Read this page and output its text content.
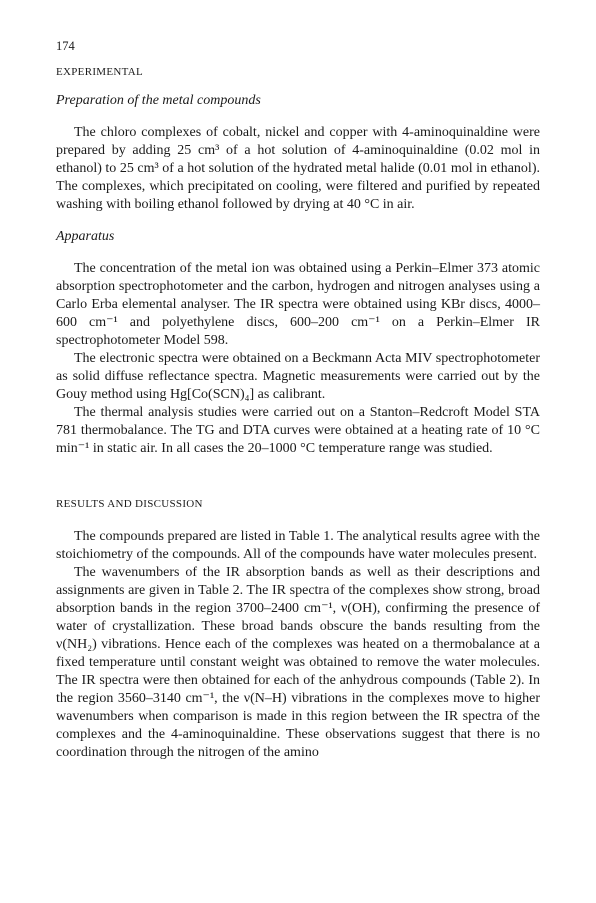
174
EXPERIMENTAL
Preparation of the metal compounds

The chloro complexes of cobalt, nickel and copper with 4-aminoquinaldine were prepared by adding 25 cm³ of a hot solution of 4-aminoquinaldine (0.02 mol in ethanol) to 25 cm³ of a hot solution of the hydrated metal halide (0.01 mol in ethanol). The complexes, which precipitated on cooling, were filtered and purified by repeated washing with boiling ethanol followed by drying at 40 °C in air.

Apparatus

The concentration of the metal ion was obtained using a Perkin–Elmer 373 atomic absorption spectrophotometer and the carbon, hydrogen and nitrogen analyses using a Carlo Erba elemental analyser. The IR spectra were obtained using KBr discs, 4000–600 cm⁻¹ and polyethylene discs, 600–200 cm⁻¹ on a Perkin–Elmer IR spectrophotometer Model 598.

The electronic spectra were obtained on a Beckmann Acta MIV spectrophotometer as solid diffuse reflectance spectra. Magnetic measurements were carried out by the Gouy method using Hg[Co(SCN)₄] as calibrant.

The thermal analysis studies were carried out on a Stanton–Redcroft Model STA 781 thermobalance. The TG and DTA curves were obtained at a heating rate of 10 °C min⁻¹ in static air. In all cases the 20–1000 °C temperature range was studied.

RESULTS AND DISCUSSION

The compounds prepared are listed in Table 1. The analytical results agree with the stoichiometry of the compounds. All of the compounds have water molecules present.

The wavenumbers of the IR absorption bands as well as their descriptions and assignments are given in Table 2. The IR spectra of the complexes show strong, broad absorption bands in the region 3700–2400 cm⁻¹, ν(OH), confirming the presence of water of crystallization. These broad bands obscure the bands resulting from the ν(NH₂) vibrations. Hence each of the complexes was heated on a thermobalance at a fixed temperature until constant weight was obtained to remove the water molecules. The IR spectra were then obtained for each of the anhydrous compounds (Table 2). In the region 3560–3140 cm⁻¹, the ν(N–H) vibrations in the complexes move to higher wavenumbers when comparison is made in this region between the IR spectra of the complexes and the 4-aminoquinaldine. These observations suggest that there is no coordination through the nitrogen of the amino
